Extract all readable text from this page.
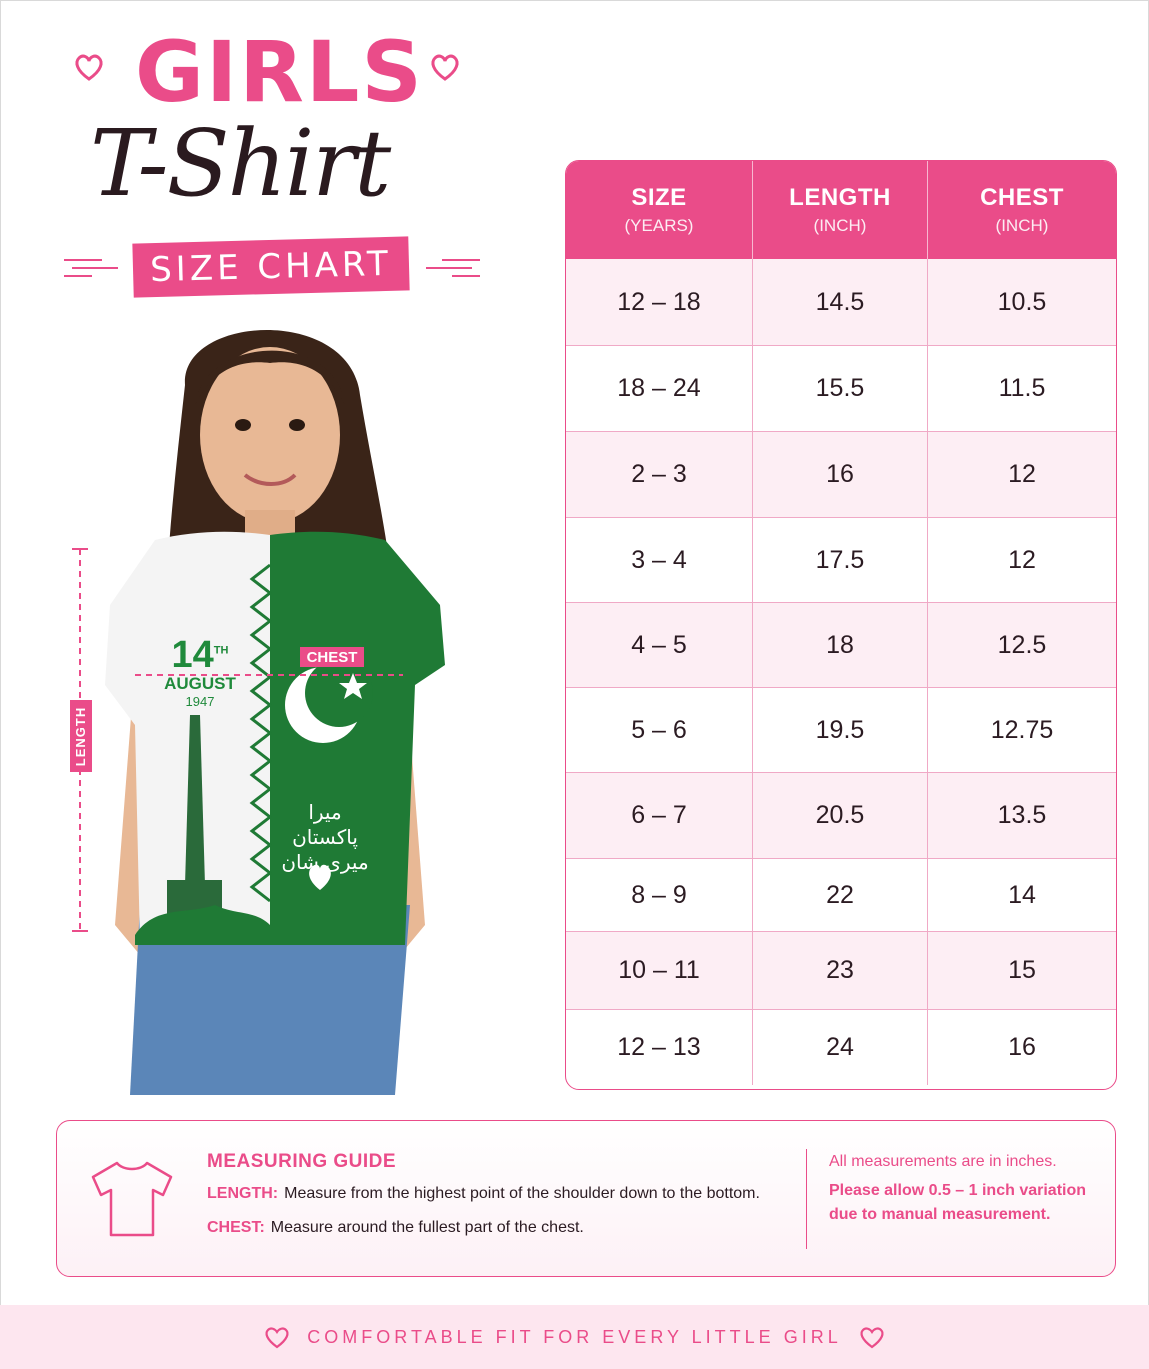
GIRLS
T-Shirt
SIZE CHART
LENGTH
CHEST
14TH
AUGUST
1947
میرا پاکستان
میری شان
SIZE
(YEARS)
LENGTH
(INCH)
CHEST
(INCH)
12 – 18	14.5	10.5
18 – 24	15.5	11.5
2 – 3	16	12
3 – 4	17.5	12
4 – 5	18	12.5
5 – 6	19.5	12.75
6 – 7	20.5	13.5
8 – 9	22	14
10 – 11	23	15
12 – 13	24	16
MEASURING GUIDE
LENGTH: Measure from the highest point of the shoulder down to the bottom.
CHEST: Measure around the fullest part of the chest.
All measurements are in inches.
Please allow 0.5 – 1 inch variation due to manual measurement.
COMFORTABLE FIT FOR EVERY LITTLE GIRL
